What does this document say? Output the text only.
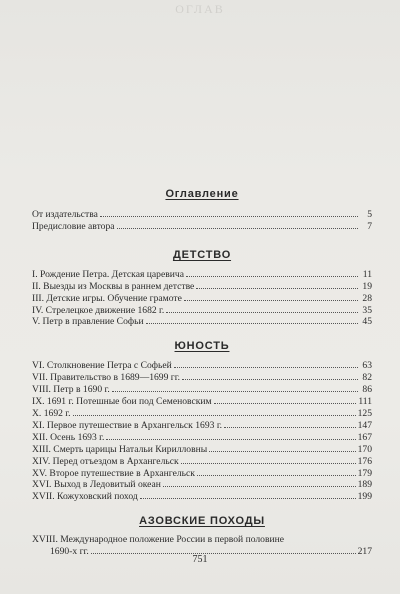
ОГЛАВ
Оглавление
От издательства	5
Предисловие автора	7
ДЕТСТВО
I. Рождение Петра. Детская царевича	11
II. Выезды из Москвы в раннем детстве	19
III. Детские игры. Обучение грамоте	28
IV. Стрелецкое движение 1682 г.	35
V. Петр в правление Софьи	45
ЮНОСТЬ
VI. Столкновение Петра с Софьей	63
VII. Правительство в 1689—1699 гг.	82
VIII. Петр в 1690 г.	86
IX. 1691 г. Потешные бои под Семеновским	111
X. 1692 г.	125
XI. Первое путешествие в Архангельск 1693 г.	147
XII. Осень 1693 г.	167
XIII. Смерть царицы Натальи Кирилловны	170
XIV. Перед отъездом в Архангельск	176
XV. Второе путешествие в Архангельск	179
XVI. Выход в Ледовитый океан	189
XVII. Кожуховский поход	199
АЗОВСКИЕ ПОХОДЫ
XVIII. Международное положение России в первой половине
1690-х гг.	217
751
